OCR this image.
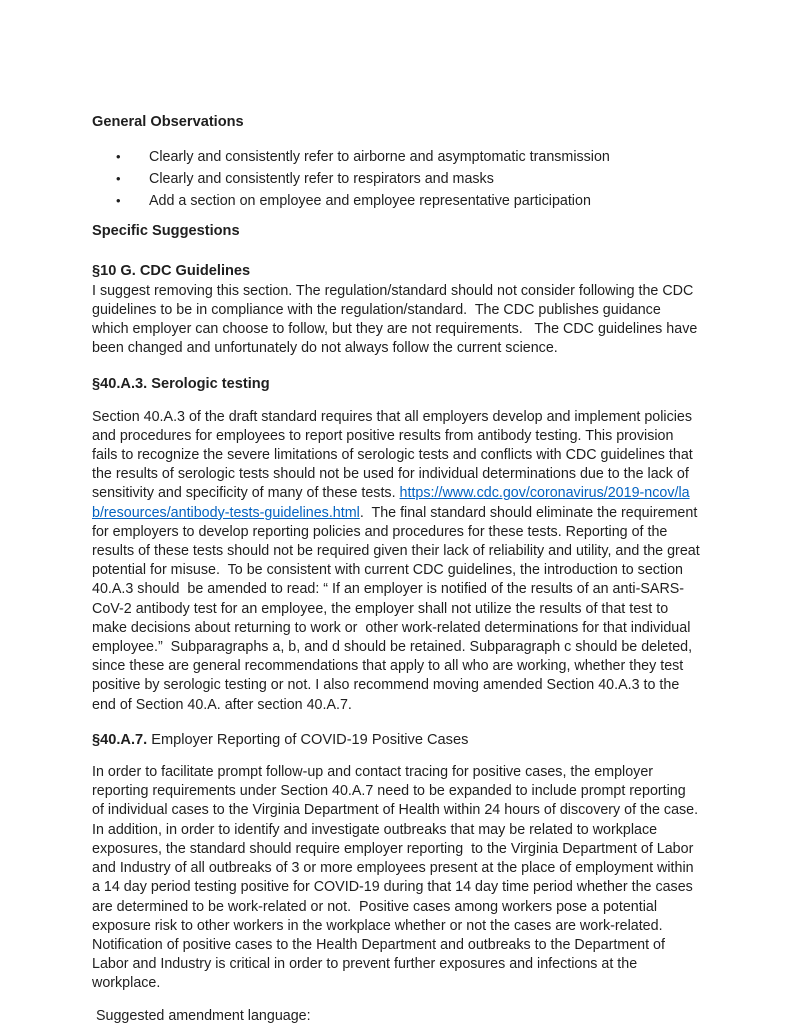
General Observations

• Clearly and consistently refer to airborne and asymptomatic transmission
• Clearly and consistently refer to respirators and masks
• Add a section on employee and employee representative participation

Specific Suggestions

§10 G. CDC Guidelines

I suggest removing this section. The regulation/standard should not consider following the CDC guidelines to be in compliance with the regulation/standard.  The CDC publishes guidance which employer can choose to follow, but they are not requirements.   The CDC guidelines have been changed and unfortunately do not always follow the current science.

§40.A.3. Serologic testing

Section 40.A.3 of the draft standard requires that all employers develop and implement policies and procedures for employees to report positive results from antibody testing. This provision fails to recognize the severe limitations of serologic tests and conflicts with CDC guidelines that the results of serologic tests should not be used for individual determinations due to the lack of sensitivity and specificity of many of these tests. https://www.cdc.gov/coronavirus/2019-ncov/lab/resources/antibody-tests-guidelines.html.  The final standard should eliminate the requirement for employers to develop reporting policies and procedures for these tests. Reporting of the results of these tests should not be required given their lack of reliability and utility, and the great potential for misuse.  To be consistent with current CDC guidelines, the introduction to section 40.A.3 should  be amended to read: “ If an employer is notified of the results of an anti-SARS-CoV-2 antibody test for an employee, the employer shall not utilize the results of that test to make decisions about returning to work or  other work-related determinations for that individual employee.”  Subparagraphs a, b, and d should be retained. Subparagraph c should be deleted, since these are general recommendations that apply to all who are working, whether they test positive by serologic testing or not. I also recommend moving amended Section 40.A.3 to the end of Section 40.A. after section 40.A.7.

§40.A.7. Employer Reporting of COVID-19 Positive Cases

In order to facilitate prompt follow-up and contact tracing for positive cases, the employer reporting requirements under Section 40.A.7 need to be expanded to include prompt reporting of individual cases to the Virginia Department of Health within 24 hours of discovery of the case. In addition, in order to identify and investigate outbreaks that may be related to workplace exposures, the standard should require employer reporting  to the Virginia Department of Labor and Industry of all outbreaks of 3 or more employees present at the place of employment within a 14 day period testing positive for COVID-19 during that 14 day time period whether the cases are determined to be work-related or not.  Positive cases among workers pose a potential exposure risk to other workers in the workplace whether or not the cases are work-related.  Notification of positive cases to the Health Department and outbreaks to the Department of Labor and Industry is critical in order to prevent further exposures and infections at the workplace.

Suggested amendment language:
